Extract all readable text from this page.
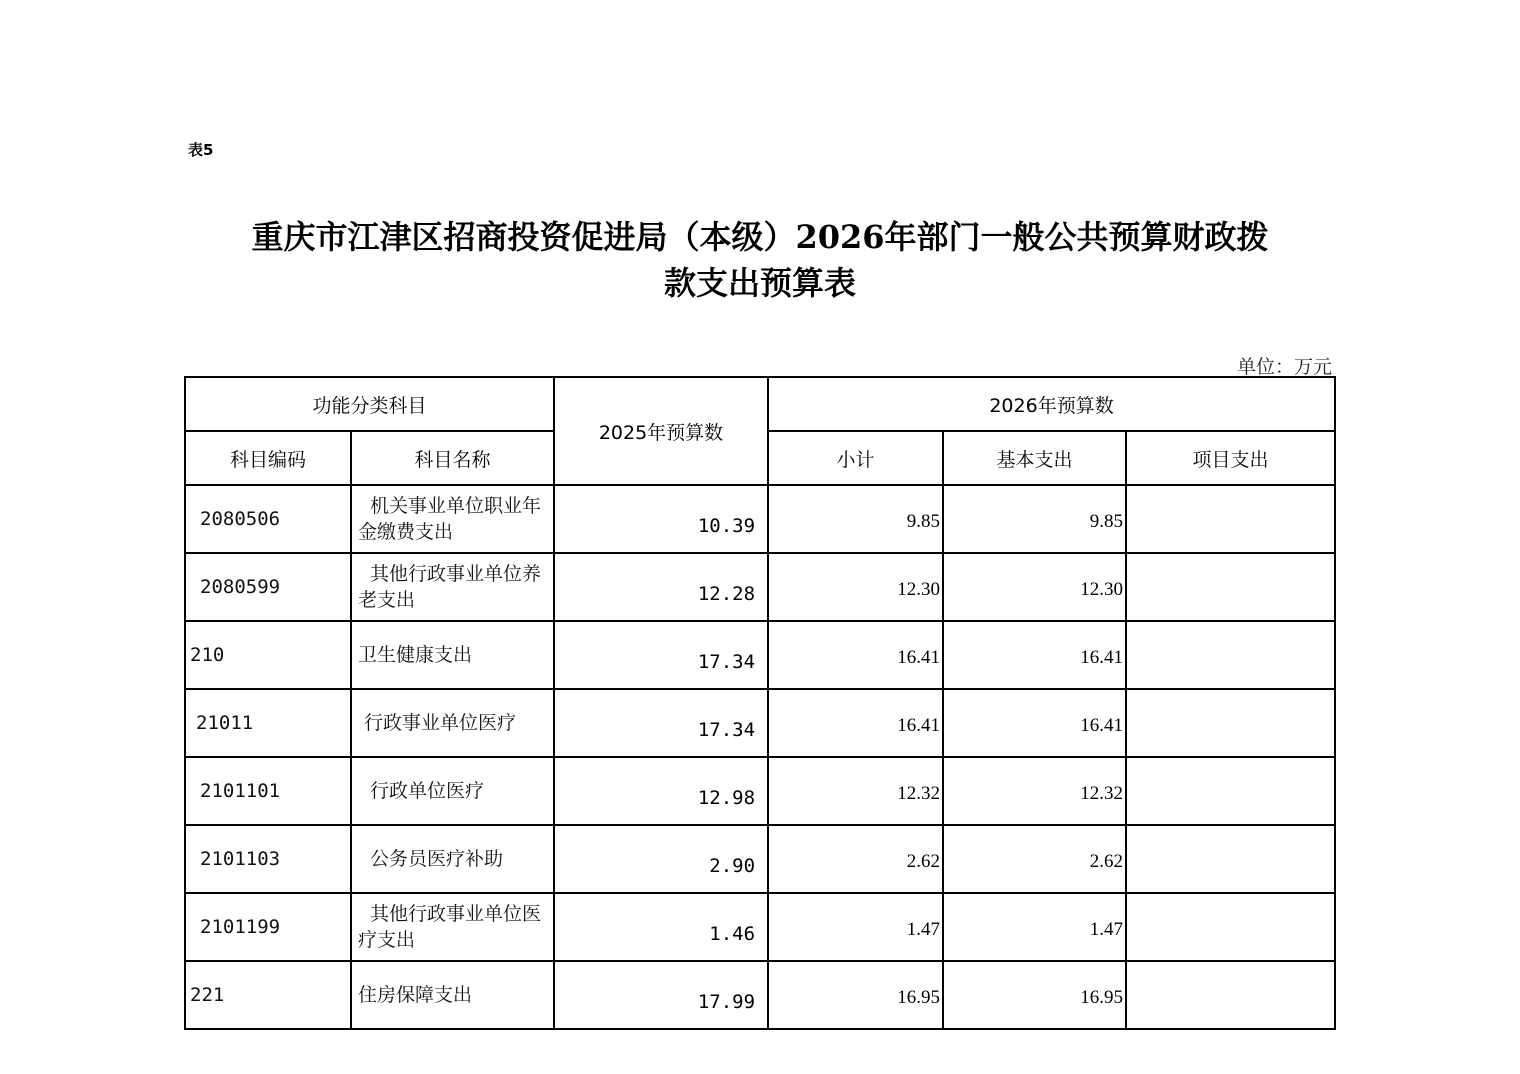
表5
重庆市江津区招商投资促进局（本级）2026年部门一般公共预算财政拨
款支出预算表
单位：万元
功能分类科目		2025年预算数	2026年预算数		
科目编码	科目名称		小计	基本支出	项目支出
2080506	机关事业单位职业年金缴费支出	10.39	9.85	9.85	
2080599	其他行政事业单位养老支出	12.28	12.30	12.30	
210	卫生健康支出	17.34	16.41	16.41	
21011	行政事业单位医疗	17.34	16.41	16.41	
2101101	行政单位医疗	12.98	12.32	12.32	
2101103	公务员医疗补助	2.90	2.62	2.62	
2101199	其他行政事业单位医疗支出	1.46	1.47	1.47	
221	住房保障支出	17.99	16.95	16.95	
